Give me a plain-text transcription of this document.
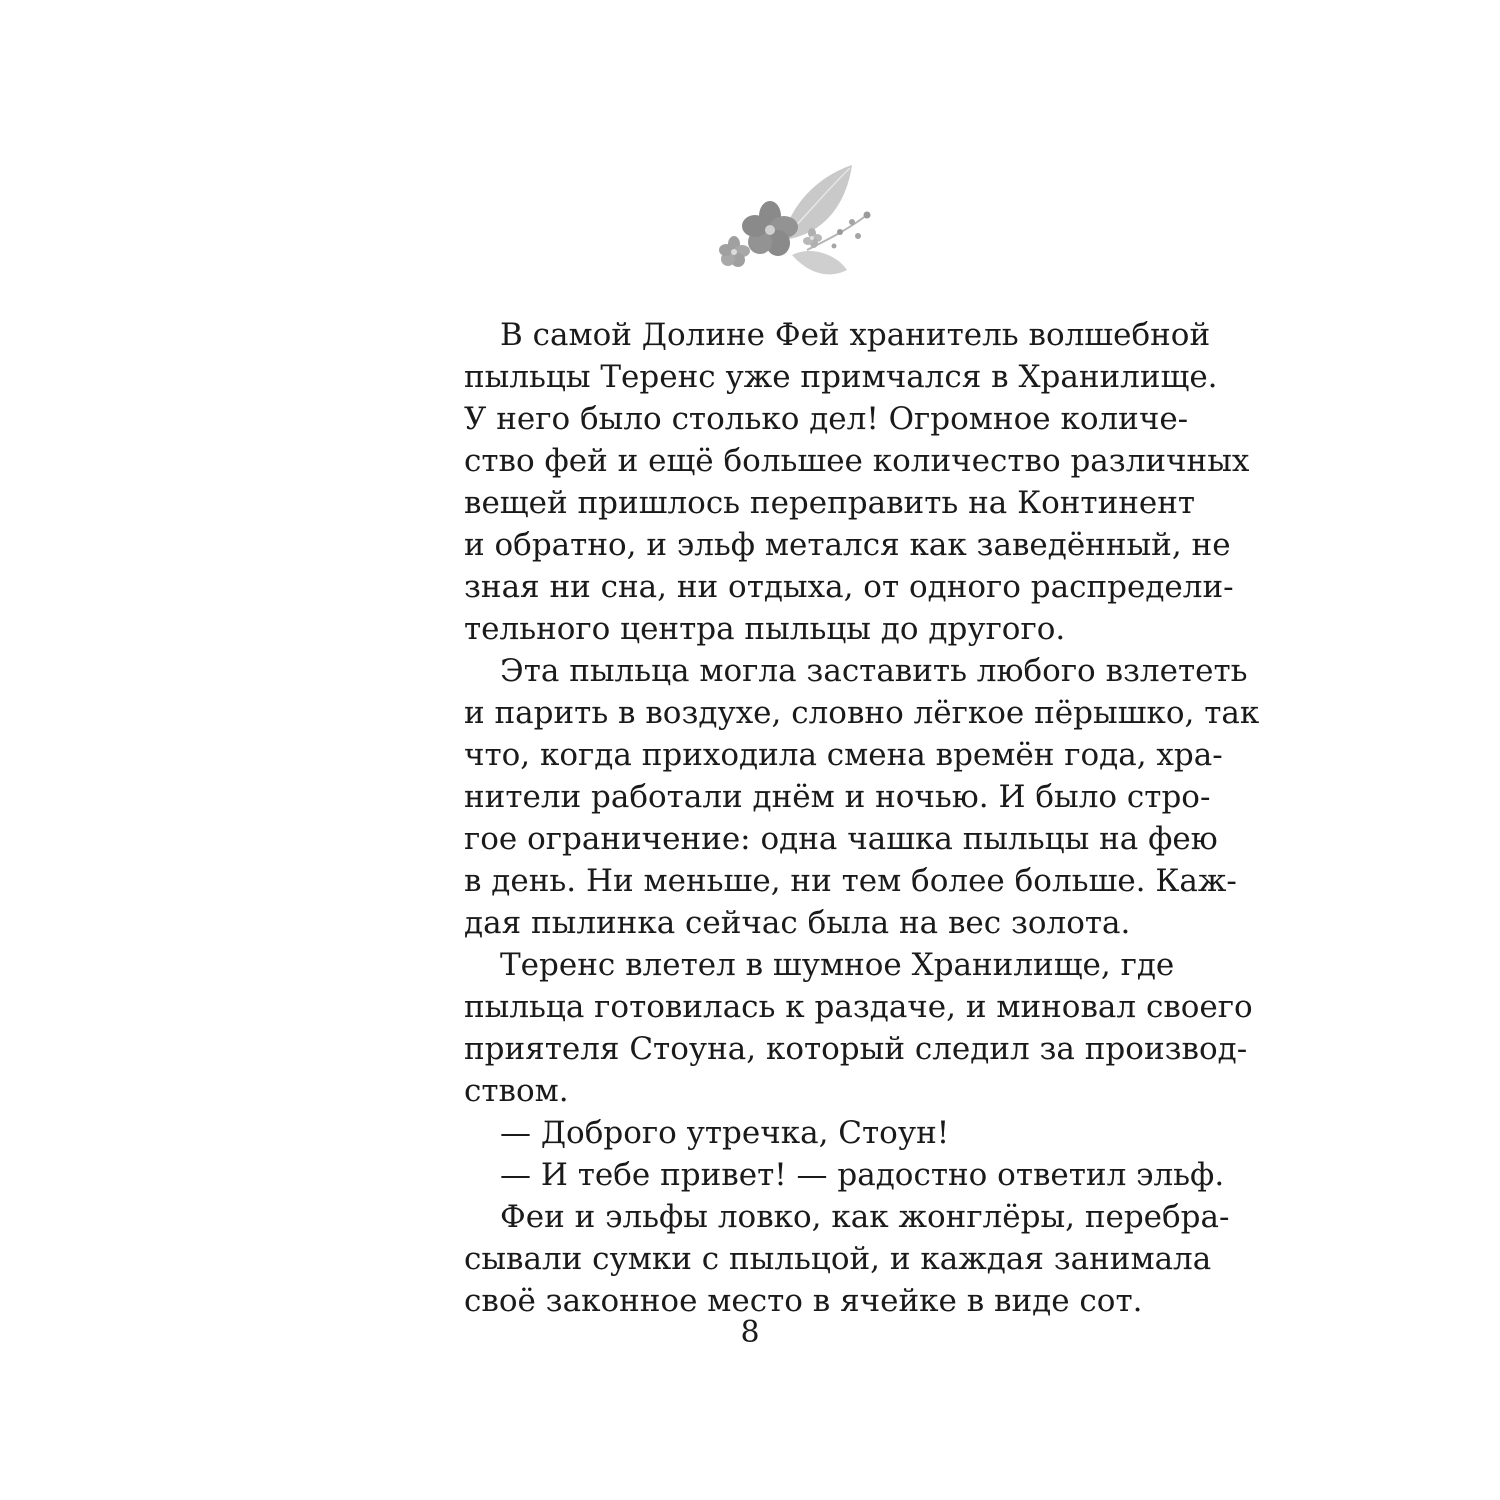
В самой Долине Фей хранитель волшебной
пыльцы Теренс уже примчался в Хранилище.
У него было столько дел! Огромное количе-
ство фей и ещё большее количество различных
вещей пришлось переправить на Континент
и обратно, и эльф метался как заведённый, не
зная ни сна, ни отдыха, от одного распредели-
тельного центра пыльцы до другого.
Эта пыльца могла заставить любого взлететь
и парить в воздухе, словно лёгкое пёрышко, так
что, когда приходила смена времён года, хра-
нители работали днём и ночью. И было стро-
гое ограничение: одна чашка пыльцы на фею
в день. Ни меньше, ни тем более больше. Каж-
дая пылинка сейчас была на вес золота.
Теренс влетел в шумное Хранилище, где
пыльца готовилась к раздаче, и миновал своего
приятеля Стоуна, который следил за производ-
ством.
— Доброго утречка, Стоун!
— И тебе привет! — радостно ответил эльф.
Феи и эльфы ловко, как жонглёры, перебра-
сывали сумки с пыльцой, и каждая занимала
своё законное место в ячейке в виде сот.
8
